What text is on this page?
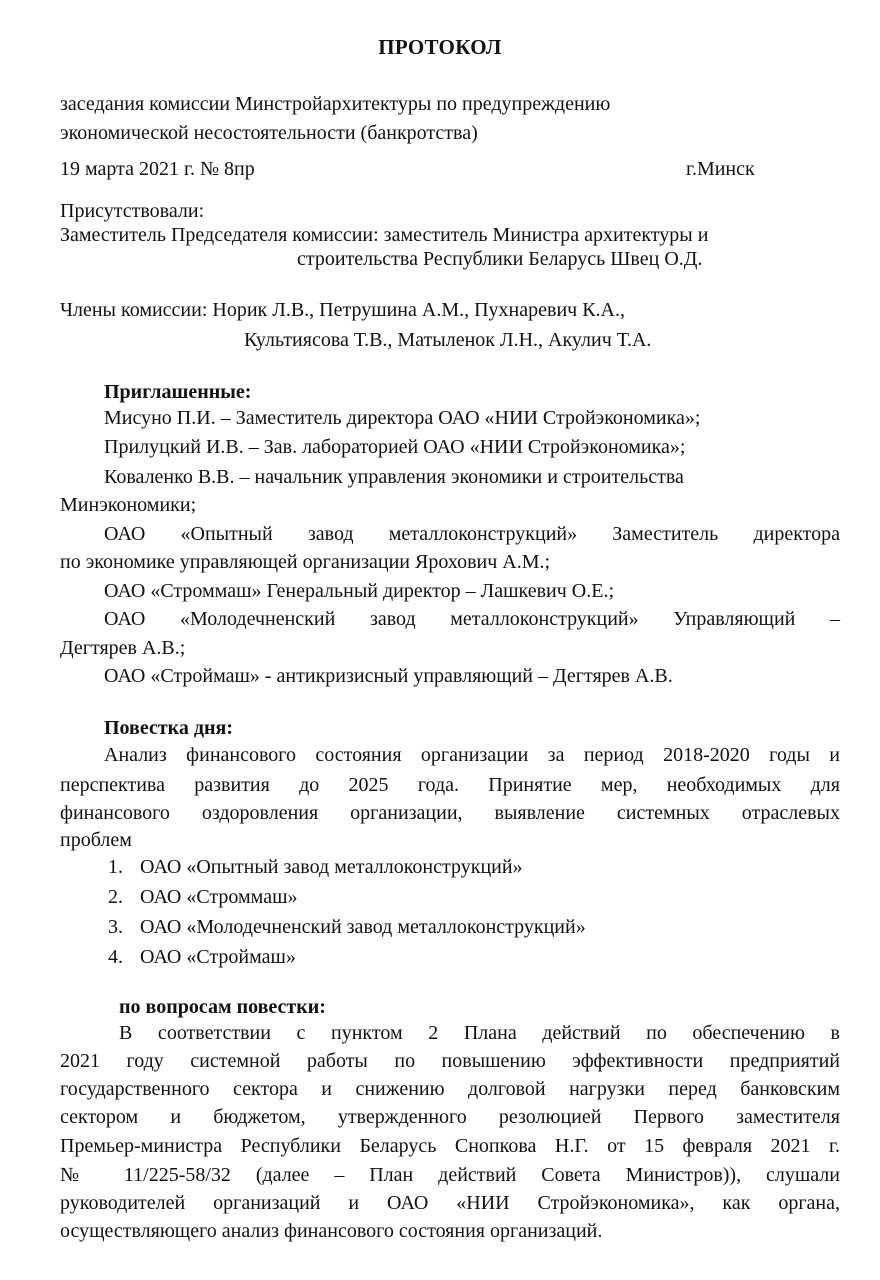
ПРОТОКОЛ
заседания комиссии Минстройархитектуры по предупреждению
экономической несостоятельности (банкротства)
19 марта 2021 г. № 8пр	г.Минск
Присутствовали:
Заместитель Председателя комиссии: заместитель Министра архитектуры и
строительства Республики Беларусь Швец О.Д.
Члены комиссии: Норик Л.В., Петрушина А.М., Пухнаревич К.А.,
Культиясова Т.В., Матыленок Л.Н., Акулич Т.А.
Приглашенные:
Мисуно П.И. – Заместитель директора ОАО «НИИ Стройэкономика»;
Прилуцкий И.В. – Зав. лабораторией ОАО «НИИ Стройэкономика»;
Коваленко В.В. – начальник управления экономики и строительства
Минэкономики;
ОАО «Опытный завод металлоконструкций» Заместитель директора
по экономике управляющей организации Ярохович А.М.;
ОАО «Строммаш» Генеральный директор – Лашкевич О.Е.;
ОАО «Молодечненский завод металлоконструкций» Управляющий –
Дегтярев А.В.;
ОАО «Строймаш» - антикризисный управляющий – Дегтярев А.В.
Повестка дня:
Анализ финансового состояния организации за период 2018-2020 годы и
перспектива развития до 2025 года. Принятие мер, необходимых для
финансового оздоровления организации, выявление системных отраслевых
проблем
1. ОАО «Опытный завод металлоконструкций»
2. ОАО «Строммаш»
3. ОАО «Молодечненский завод металлоконструкций»
4. ОАО «Строймаш»
по вопросам повестки:
В соответствии с пунктом 2 Плана действий по обеспечению в
2021 году системной работы по повышению эффективности предприятий
государственного сектора и снижению долговой нагрузки перед банковским
сектором и бюджетом, утвержденного резолюцией Первого заместителя
Премьер-министра Республики Беларусь Снопкова Н.Г. от 15 февраля 2021 г.
№ 11/225-58/32 (далее – План действий Совета Министров)), слушали
руководителей организаций и ОАО «НИИ Стройэкономика», как органа,
осуществляющего анализ финансового состояния организаций.
